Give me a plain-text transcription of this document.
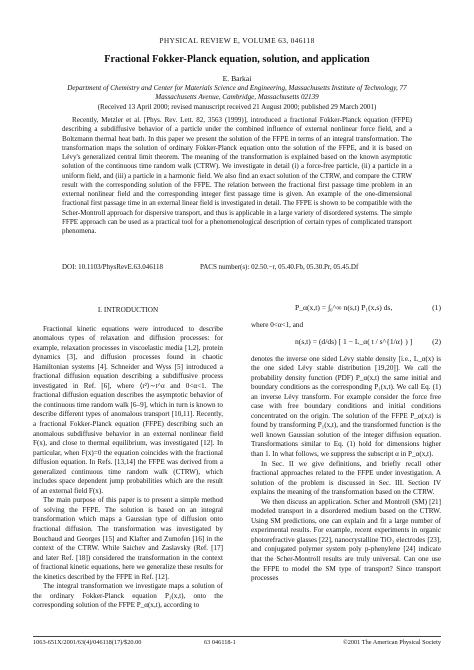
PHYSICAL REVIEW E, VOLUME 63, 046118
Fractional Fokker-Planck equation, solution, and application
E. Barkai
Department of Chemistry and Center for Materials Science and Engineering, Massachusetts Institute of Technology, 77 Massachusetts Avenue, Cambridge, Massachusetts 02139
(Received 13 April 2000; revised manuscript received 21 August 2000; published 29 March 2001)
Recently, Metzler et al. [Phys. Rev. Lett. 82, 3563 (1999)], introduced a fractional Fokker-Planck equation (FFPE) describing a subdiffusive behavior of a particle under the combined influence of external nonlinear force field, and a Boltzmann thermal heat bath. In this paper we present the solution of the FFPE in terms of an integral transformation. The transformation maps the solution of ordinary Fokker-Planck equation onto the solution of the FFPE, and it is based on Lévy's generalized central limit theorem. The meaning of the transformation is explained based on the known asymptotic solution of the continuous time random walk (CTRW). We investigate in detail (i) a force-free particle, (ii) a particle in a uniform field, and (iii) a particle in a harmonic field. We also find an exact solution of the CTRW, and compare the CTRW result with the corresponding solution of the FFPE. The relation between the fractional first passage time problem in an external nonlinear field and the corresponding integer first passage time is given. An example of the one-dimensional fractional first passage time in an external linear field is investigated in detail. The FFPE is shown to be compatible with the Scher-Montroll approach for dispersive transport, and thus is applicable in a large variety of disordered systems. The simple FFPE approach can be used as a practical tool for a phenomenological description of certain types of complicated transport phenomena.
DOI: 10.1103/PhysRevE.63.046118	PACS number(s): 02.50.−r, 05.40.Fb, 05.30.Pr, 05.45.Df
I. INTRODUCTION

Fractional kinetic equations were introduced to describe anomalous types of relaxation and diffusion processes: for example, relaxation processes in viscoelastic media [1,2], protein dynamics [3], and diffusion processes found in chaotic Hamiltonian systems [4]. Schneider and Wyss [5] introduced a fractional diffusion equation describing a subdiffusive process investigated in Ref. [6], where ⟨r²⟩∼t^α and 0<α<1. The fractional diffusion equation describes the asymptotic behavior of the continuous time random walk [6–9], which in turn is known to describe different types of anomalous transport [10,11]. Recently, a fractional Fokker-Planck equation (FFPE) describing such an anomalous subdiffusive behavior in an external nonlinear field F(x), and close to thermal equilibrium, was investigated [12]. In particular, when F(x)=0 the equation coincides with the fractional diffusion equation. In Refs. [13,14] the FFPE was derived from a generalized continuous time random walk (CTRW), which includes space dependent jump probabilities which are the result of an external field F(x).

The main purpose of this paper is to present a simple method of solving the FFPE. The solution is based on an integral transformation which maps a Gaussian type of diffusion onto fractional diffusion. The transformation was investigated by Bouchaud and Georges [15] and Klafter and Zumofen [16] in the context of the CTRW. While Saichev and Zaslavsky (Ref. [17] and later Ref. [18]) considered the transformation in the context of fractional kinetic equations, here we generalize these results for the kinetics described by the FFPE in Ref. [12].

The integral transformation we investigate maps a solution of the ordinary Fokker-Planck equation P₁(x,t), onto the corresponding solution of the FFPE P_α(x,t), according to

P_α(x,t) = ∫₀^∞ n(s,t) P₁(x,s) ds,	(1)

where 0<α<1, and

n(s,t) = (d/ds) [ 1 − L_α( t / s^{1/α} ) ]	(2)

denotes the inverse one sided Lévy stable density [i.e., L_α(x) is the one sided Lévy stable distribution [19,20]]. We call the probability density function (PDF) P_α(x,t) the same initial and boundary conditions as the corresponding P₁(x,t). We call Eq. (1) an inverse Lévy transform. For example consider the force free case with free boundary conditions and initial conditions concentrated on the origin. The solution of the FFPE P_α(x,t) is found by transforming P₁(x,t), and the transformed function is the well known Gaussian solution of the integer diffusion equation. Transformations similar to Eq. (1) hold for dimensions higher than 1. In what follows, we suppress the subscript α in P_α(x,t).

In Sec. II we give definitions, and briefly recall other fractional approaches related to the FFPE under investigation. A solution of the problem is discussed in Sec. III. Section IV explains the meaning of the transformation based on the CTRW.

We then discuss an application. Scher and Montroll (SM) [21] modeled transport in a disordered medium based on the CTRW. Using SM predictions, one can explain and fit a large number of experimental results. For example, recent experiments in organic photorefractive glasses [22], nanocrystalline TiO₂ electrodes [23], and conjugated polymer system poly p-phenylene [24] indicate that the Scher-Montroll results are truly universal. Can one use the FFPE to model the SM type of transport? Since transport processes

1063-651X/2001/63(4)/046118(17)/$20.00	63 046118-1	©2001 The American Physical Society
